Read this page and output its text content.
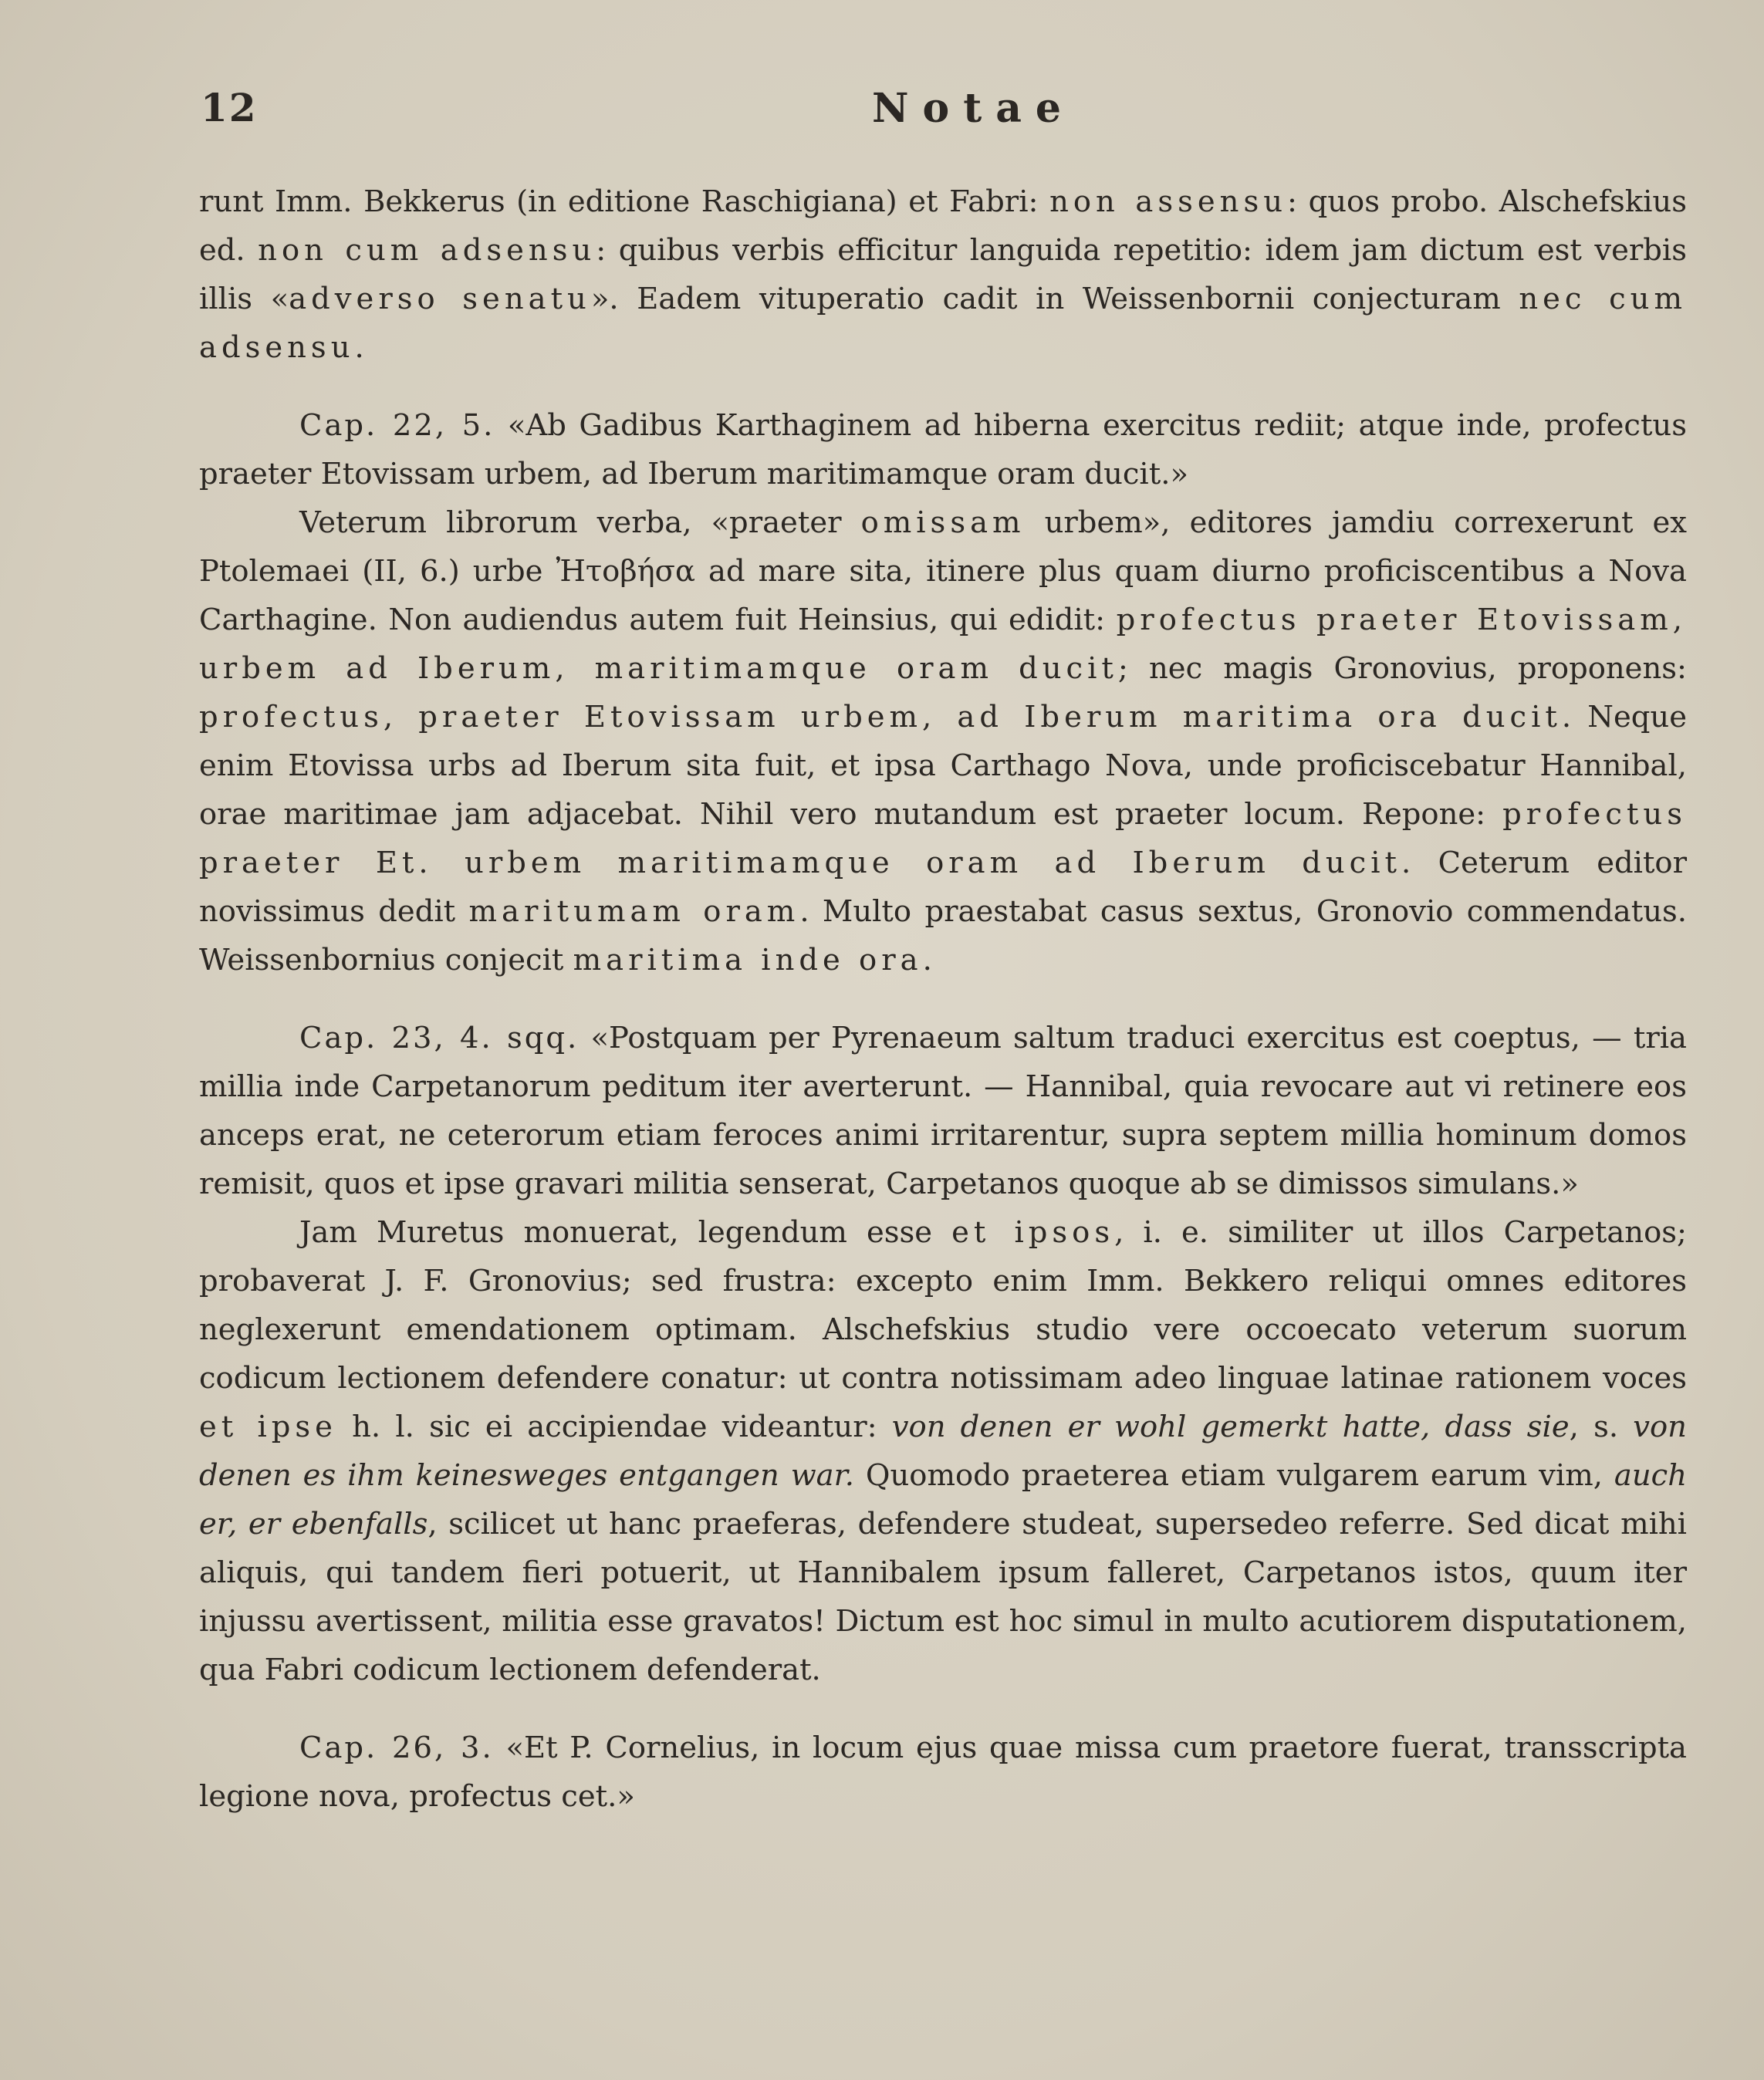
12	Notae

runt Imm. Bekkerus (in editione Raschigiana) et Fabri: non assensu: quos probo. Alschefskius ed. non cum adsensu: quibus verbis efficitur languida repetitio: idem jam dictum est verbis illis «adverso senatu». Eadem vituperatio cadit in Weissenbornii conjecturam nec cum adsensu.

Cap. 22, 5. «Ab Gadibus Karthaginem ad hiberna exercitus rediit; atque inde, profectus praeter Etovissam urbem, ad Iberum maritimamque oram ducit.»

Veterum librorum verba, «praeter omissam urbem», editores jamdiu correxerunt ex Ptolemaei (II, 6.) urbe Ἠτοβήσα ad mare sita, itinere plus quam diurno proficiscentibus a Nova Carthagine. Non audiendus autem fuit Heinsius, qui edidit: profectus praeter Etovissam, urbem ad Iberum, maritimamque oram ducit; nec magis Gronovius, proponens: profectus, praeter Etovissam urbem, ad Iberum maritima ora ducit. Neque enim Etovissa urbs ad Iberum sita fuit, et ipsa Carthago Nova, unde proficiscebatur Hannibal, orae maritimae jam adjacebat. Nihil vero mutandum est praeter locum. Repone: profectus praeter Et. urbem maritimamque oram ad Iberum ducit. Ceterum editor novissimus dedit maritumam oram. Multo praestabat casus sextus, Gronovio commendatus. Weissenbornius conjecit maritima inde ora.

Cap. 23, 4. sqq. «Postquam per Pyrenaeum saltum traduci exercitus est coeptus, — tria millia inde Carpetanorum peditum iter averterunt. — Hannibal, quia revocare aut vi retinere eos anceps erat, ne ceterorum etiam feroces animi irritarentur, supra septem millia hominum domos remisit, quos et ipse gravari militia senserat, Carpetanos quoque ab se dimissos simulans.»

Jam Muretus monuerat, legendum esse et ipsos, i. e. similiter ut illos Carpetanos; probaverat J. F. Gronovius; sed frustra: excepto enim Imm. Bekkero reliqui omnes editores neglexerunt emendationem optimam. Alschefskius studio vere occoecato veterum suorum codicum lectionem defendere conatur: ut contra notissimam adeo linguae latinae rationem voces et ipse h. l. sic ei accipiendae videantur: von denen er wohl gemerkt hatte, dass sie, s. von denen es ihm keinesweges entgangen war. Quomodo praeterea etiam vulgarem earum vim, auch er, er ebenfalls, scilicet ut hanc praeferas, defendere studeat, supersedeo referre. Sed dicat mihi aliquis, qui tandem fieri potuerit, ut Hannibalem ipsum falleret, Carpetanos istos, quum iter injussu avertissent, militia esse gravatos! Dictum est hoc simul in multo acutiorem disputationem, qua Fabri codicum lectionem defenderat.

Cap. 26, 3. «Et P. Cornelius, in locum ejus quae missa cum praetore fuerat, transscripta legione nova, profectus cet.»
